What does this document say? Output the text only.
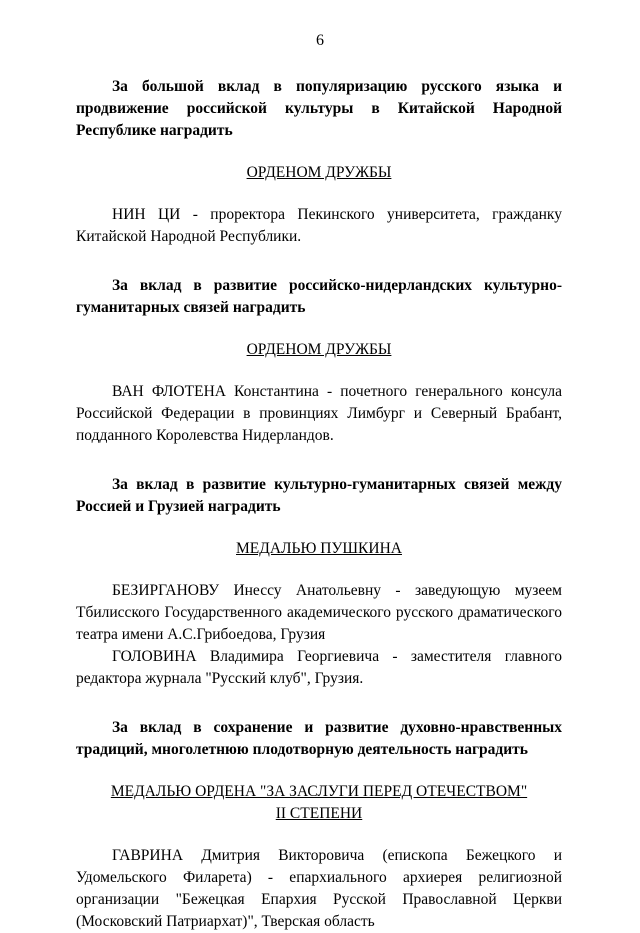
6

За большой вклад в популяризацию русского языка и продвижение российской культуры в Китайской Народной Республике наградить

ОРДЕНОМ ДРУЖБЫ

НИН ЦИ - проректора Пекинского университета, гражданку Китайской Народной Республики.

За вклад в развитие российско-нидерландских культурно-гуманитарных связей наградить

ОРДЕНОМ ДРУЖБЫ

ВАН ФЛОТЕНА Константина - почетного генерального консула Российской Федерации в провинциях Лимбург и Северный Брабант, подданного Королевства Нидерландов.

За вклад в развитие культурно-гуманитарных связей между Россией и Грузией наградить

МЕДАЛЬЮ ПУШКИНА

БЕЗИРГАНОВУ Инессу Анатольевну - заведующую музеем Тбилисского Государственного академического русского драматического театра имени А.С.Грибоедова, Грузия

ГОЛОВИНА Владимира Георгиевича - заместителя главного редактора журнала "Русский клуб", Грузия.

За вклад в сохранение и развитие духовно-нравственных традиций, многолетнюю плодотворную деятельность наградить

МЕДАЛЬЮ ОРДЕНА "ЗА ЗАСЛУГИ ПЕРЕД ОТЕЧЕСТВОМ"
II СТЕПЕНИ

ГАВРИНА Дмитрия Викторовича (епископа Бежецкого и Удомельского Филарета) - епархиального архиерея религиозной организации "Бежецкая Епархия Русской Православной Церкви (Московский Патриархат)", Тверская область
